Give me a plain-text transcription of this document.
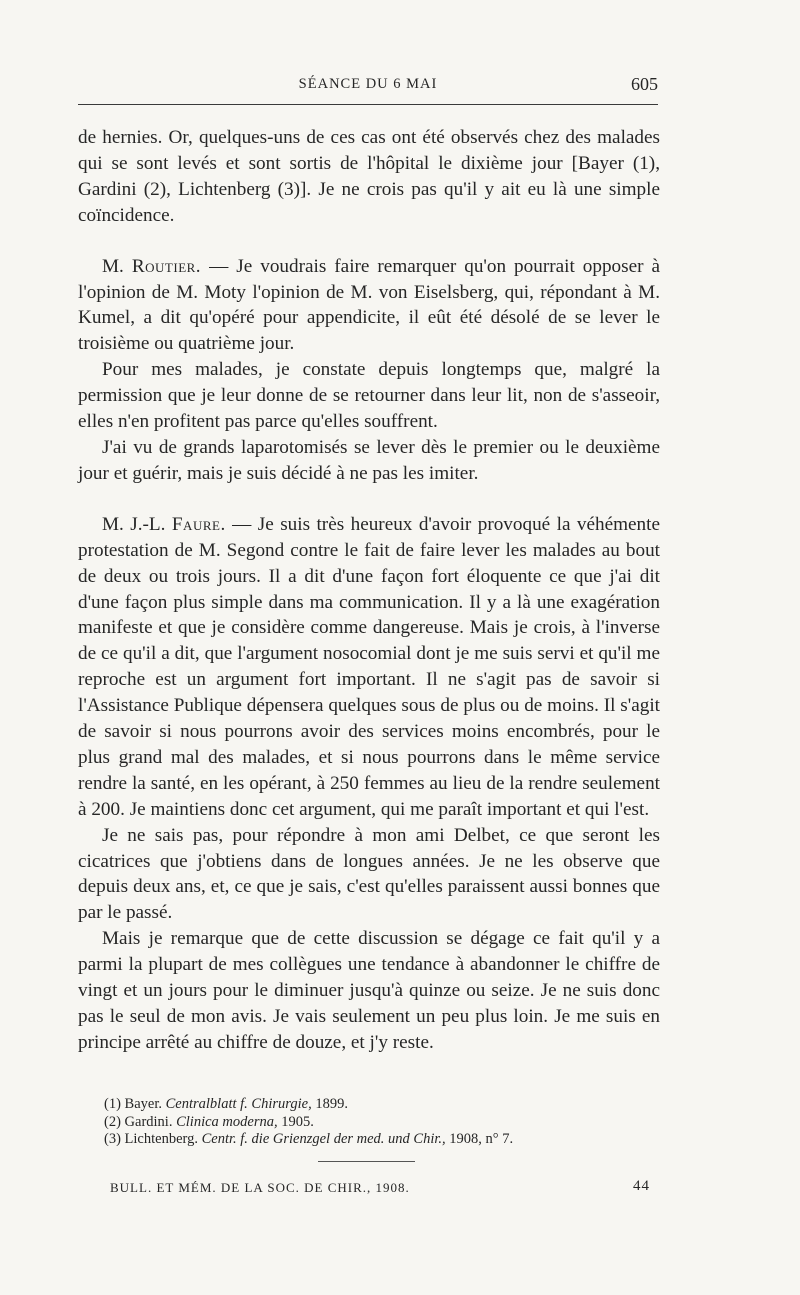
SÉANCE DU 6 MAI	605

de hernies. Or, quelques-uns de ces cas ont été observés chez des malades qui se sont levés et sont sortis de l'hôpital le dixième jour [Bayer (1), Gardini (2), Lichtenberg (3)]. Je ne crois pas qu'il y ait eu là une simple coïncidence.

M. Routier. — Je voudrais faire remarquer qu'on pourrait opposer à l'opinion de M. Moty l'opinion de M. von Eiselsberg, qui, répondant à M. Kumel, a dit qu'opéré pour appendicite, il eût été désolé de se lever le troisième ou quatrième jour.

Pour mes malades, je constate depuis longtemps que, malgré la permission que je leur donne de se retourner dans leur lit, non de s'asseoir, elles n'en profitent pas parce qu'elles souffrent.

J'ai vu de grands laparotomisés se lever dès le premier ou le deuxième jour et guérir, mais je suis décidé à ne pas les imiter.

M. J.-L. Faure. — Je suis très heureux d'avoir provoqué la véhémente protestation de M. Segond contre le fait de faire lever les malades au bout de deux ou trois jours. Il a dit d'une façon fort éloquente ce que j'ai dit d'une façon plus simple dans ma communication. Il y a là une exagération manifeste et que je considère comme dangereuse. Mais je crois, à l'inverse de ce qu'il a dit, que l'argument nosocomial dont je me suis servi et qu'il me reproche est un argument fort important. Il ne s'agit pas de savoir si l'Assistance Publique dépensera quelques sous de plus ou de moins. Il s'agit de savoir si nous pourrons avoir des services moins encombrés, pour le plus grand mal des malades, et si nous pourrons dans le même service rendre la santé, en les opérant, à 250 femmes au lieu de la rendre seulement à 200. Je maintiens donc cet argument, qui me paraît important et qui l'est.

Je ne sais pas, pour répondre à mon ami Delbet, ce que seront les cicatrices que j'obtiens dans de longues années. Je ne les observe que depuis deux ans, et, ce que je sais, c'est qu'elles paraissent aussi bonnes que par le passé.

Mais je remarque que de cette discussion se dégage ce fait qu'il y a parmi la plupart de mes collègues une tendance à abandonner le chiffre de vingt et un jours pour le diminuer jusqu'à quinze ou seize. Je ne suis donc pas le seul de mon avis. Je vais seulement un peu plus loin. Je me suis en principe arrêté au chiffre de douze, et j'y reste.

(1) Bayer. Centralblatt f. Chirurgie, 1899.
(2) Gardini. Clinica moderna, 1905.
(3) Lichtenberg. Centr. f. die Grienzgel der med. und Chir., 1908, n° 7.
BULL. ET MÉM. DE LA SOC. DE CHIR., 1908.	44
